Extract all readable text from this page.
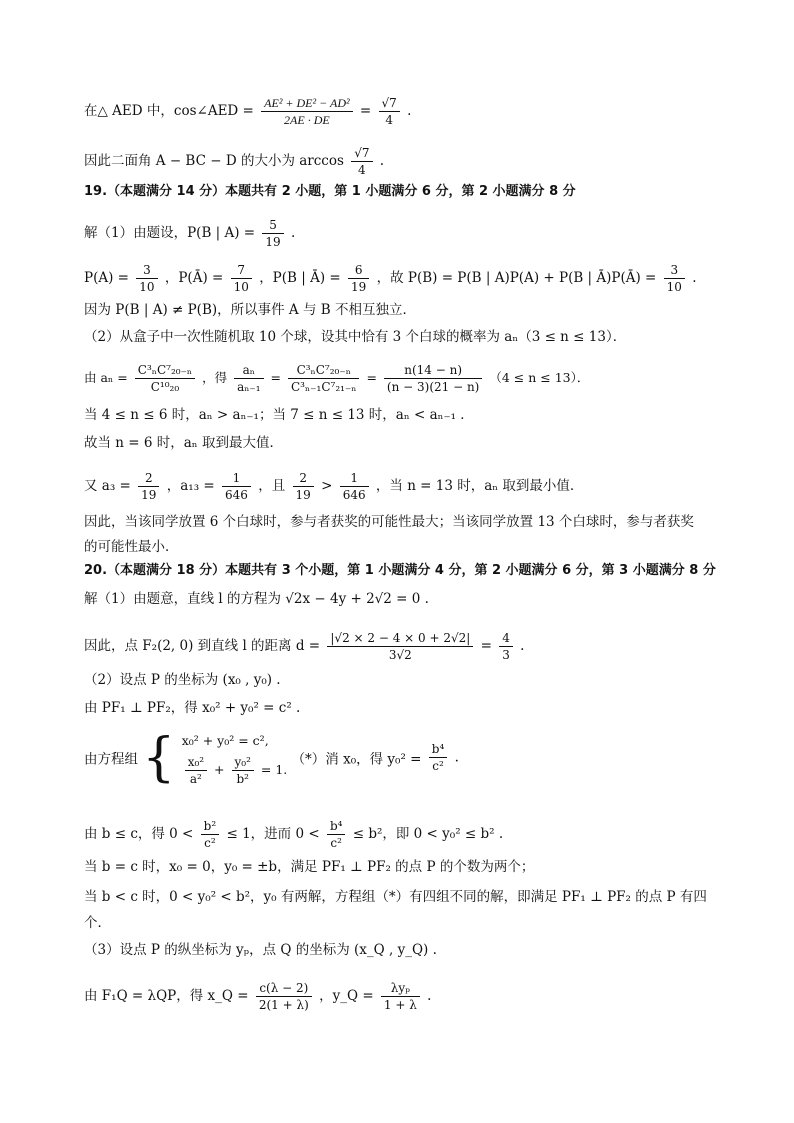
在△ AED 中，cos∠AED = $\frac{\text{AE² + DE² − AD²}}{2AE \cdot DE} = \frac{√7}{4}$ .
因此二面角 A − BC − D 的大小为 $\arccos \frac{√7}{4}$ .
19.（本题满分 14 分）本题共有 2 小题，第 1 小题满分 6 分，第 2 小题满分 8 分
解（1）由题设，P(B | $A) = \frac{5}{19}$ .
$P(A) = \frac{3}{10}$ ，P(Ā) = $\frac{7}{10}$ ，P(B | Ā) = $\frac{6}{19}$ ，故 P(B) = P(B | A)P(A) + P(B | Ā)P(Ā) = $\frac{3}{10}$ .
因为 P(B | A) ≠ P(B)，所以事件 A 与 B 不相互独立．
（2）从盒子中一次性随机取 10 个球，设其中恰有 3 个白球的概率为 aₙ（3 ≤ n ≤ 13）．
由 $a_n = \frac{\text{C³ₙC⁷₂₀₋ₙ}}{\text{C¹⁰₂₀}}$ ，得 $\frac{\text{aₙ}}{\text{aₙ₋₁}} = \frac{\text{C³ₙC⁷₂₀₋ₙ}}{\text{C³ₙ₋₁C⁷₂₁₋ₙ}} = \frac{n(14 - n)}{(n - 3)(21 - n)} (4 \le n \le 13)$．
当 4 ≤ n ≤ 6 时，aₙ > aₙ₋₁；当 7 ≤ n ≤ 13 时，aₙ < aₙ₋₁ ．
故当 n = 6 时，aₙ 取到最大值．
又 $a_3 = \frac{2}{19}$ ，$a_{13} = \frac{1}{646}$ ，且 $\frac{2}{19} > \frac{1}{646}$ ，当 n = 13 时，aₙ 取到最小值．
因此，当该同学放置 6 个白球时，参与者获奖的可能性最大；当该同学放置 13 个白球时，参与者获奖
的可能性最小．
20.（本题满分 18 分）本题共有 3 个小题，第 1 小题满分 4 分，第 2 小题满分 6 分，第 3 小题满分 8 分
解（1）由题意，直线 l 的方程为 √2x − 4y + 2√2 = 0 .
因此，点 F₂(2, 0) 到直线 l 的距离 $d = \frac{|√2 \times 2 - 4 \times 0 + 2√2|}{3√2} = \frac{4}{3}$ .
（2）设点 P 的坐标为 (x₀ , y₀) .
由 PF₁ ⊥ PF₂，得 x₀² + y₀² = c² .
由方程组 { x₀² + y₀² = c²,
$\frac{\text{x₀²}}{\text{a²}} + \frac{\text{y₀²}}{\text{b²}} = 1$.
（*）消 x₀，得 $y_0^2 = \frac{\text{b⁴}}{\text{c²}}$ .
由 b ≤ c，得 $0 < \frac{\text{b²}}{\text{c²}} \le 1$，进而 $0 < \frac{\text{b⁴}}{\text{c²}} \le b^2$，即 0 < y₀² ≤ b² .
当 b = c 时，x₀ = 0，y₀ = ±b，满足 PF₁ ⊥ PF₂ 的点 P 的个数为两个；
当 b < c 时，0 < y₀² < b²，y₀ 有两解，方程组（*）有四组不同的解，即满足 PF₁ ⊥ PF₂ 的点 P 有四
个．
（3）设点 P 的纵坐标为 yₚ，点 Q 的坐标为 (x_Q , y_Q) .
由 F₁Q = λQP，得 x_Q = $\frac{c(\lambda - 2)}{2(1 + \lambda)}$ ，y_Q = $\frac{\text{λyₚ}}{1 + \lambda}$ .
